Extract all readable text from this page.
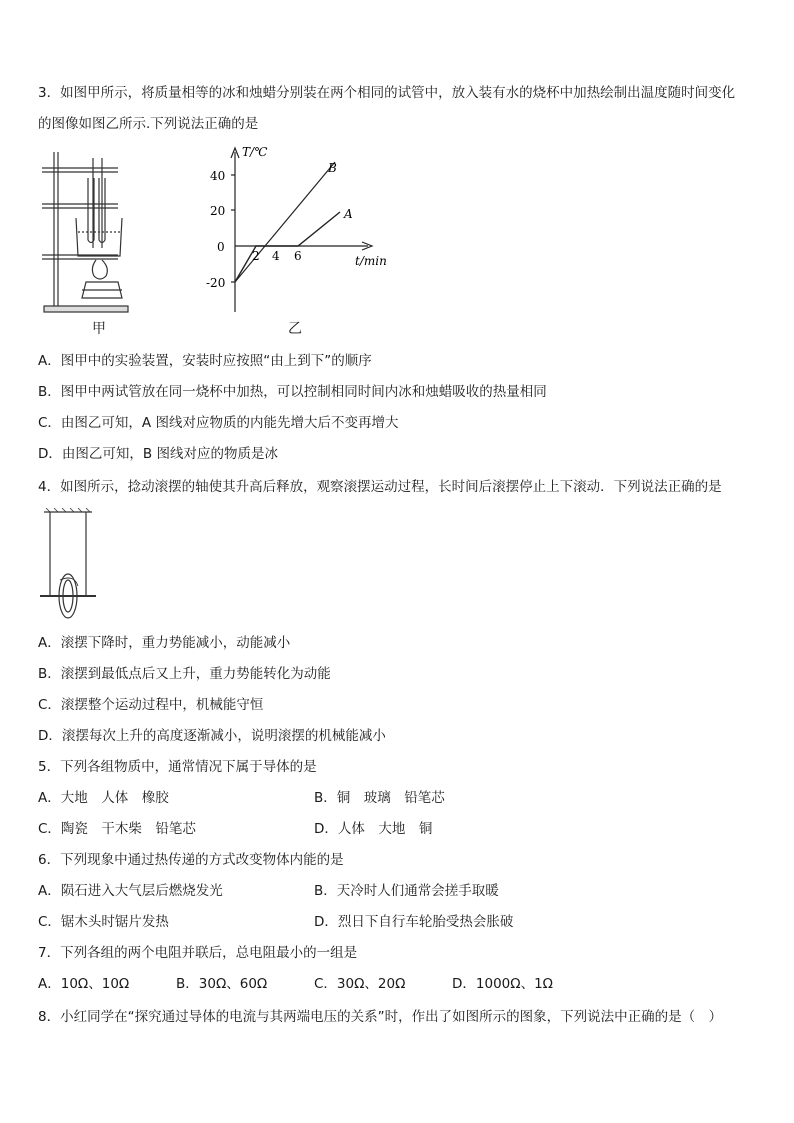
3．如图甲所示，将质量相等的冰和烛蜡分别装在两个相同的试管中，放入装有水的烧杯中加热绘制出温度随时间变化
的图像如图乙所示.下列说法正确的是
甲
T/℃
t/min
40
20
0
-20
2 4 6
B
A
乙
A．图甲中的实验装置，安装时应按照“由上到下”的顺序
B．图甲中两试管放在同一烧杯中加热，可以控制相同时间内冰和烛蜡吸收的热量相同
C．由图乙可知，A 图线对应物质的内能先增大后不变再增大
D．由图乙可知，B 图线对应的物质是冰
4．如图所示，捻动滚摆的轴使其升高后释放，观察滚摆运动过程，长时间后滚摆停止上下滚动．下列说法正确的是
A．滚摆下降时，重力势能减小，动能减小
B．滚摆到最低点后又上升，重力势能转化为动能
C．滚摆整个运动过程中，机械能守恒
D．滚摆每次上升的高度逐渐减小，说明滚摆的机械能减小
5．下列各组物质中，通常情况下属于导体的是
A．大地　人体　橡胶	B．铜　玻璃　铅笔芯
C．陶瓷　干木柴　铅笔芯	D．人体　大地　铜
6．下列现象中通过热传递的方式改变物体内能的是
A．陨石进入大气层后燃烧发光	B．天冷时人们通常会搓手取暖
C．锯木头时锯片发热	D．烈日下自行车轮胎受热会胀破
7．下列各组的两个电阻并联后，总电阻最小的一组是
A．10Ω、10Ω	B．30Ω、60Ω	C．30Ω、20Ω	D．1000Ω、1Ω
8．小红同学在“探究通过导体的电流与其两端电压的关系”时，作出了如图所示的图象，下列说法中正确的是（　）
